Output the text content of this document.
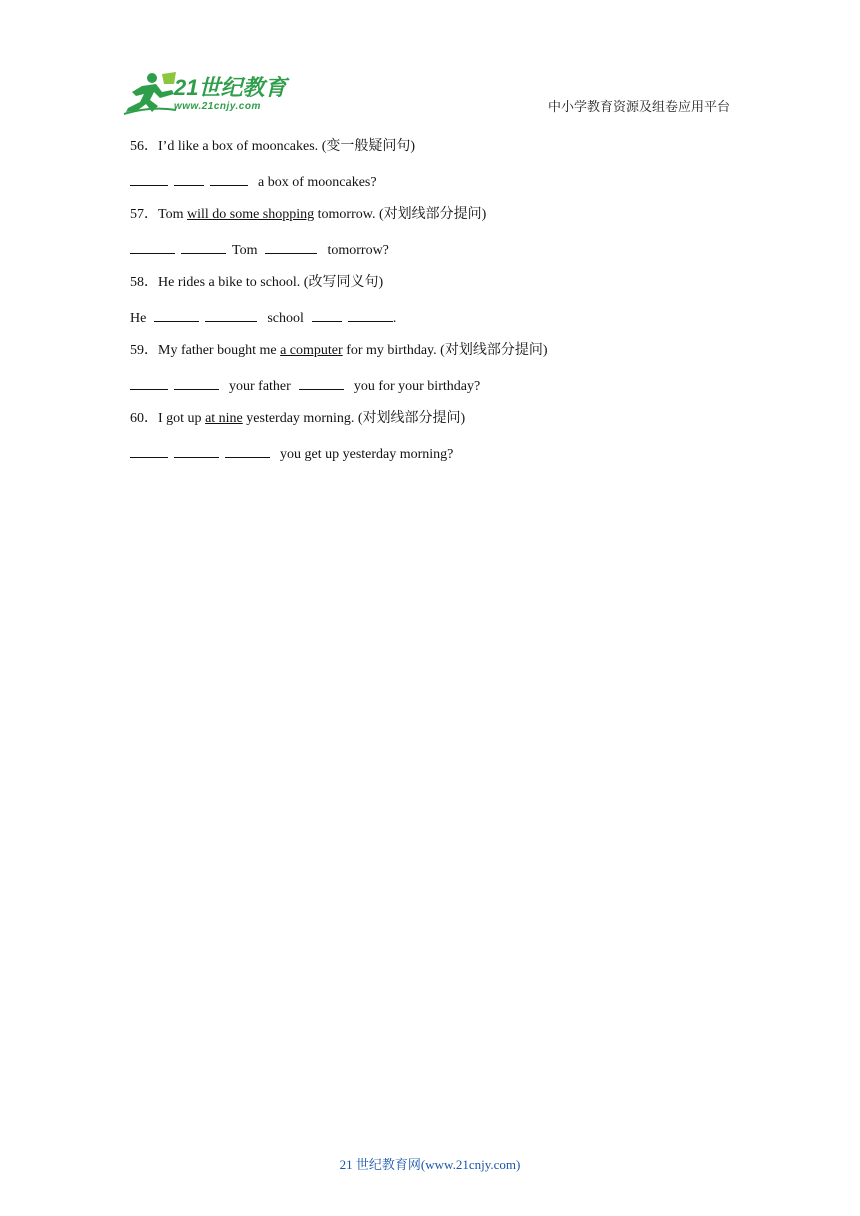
21世纪教育
www.21cnjy.com	中小学教育资源及组卷应用平台
56．I’d like a box of mooncakes. (变一般疑问句)
a box of mooncakes?
57．Tom will do some shopping tomorrow. (对划线部分提问)
Tom	tomorrow?
58．He rides a bike to school. (改写同义句)
He	school	.
59．My father bought me a computer for my birthday. (对划线部分提问)
your father	you for your birthday?
60．I got up at nine yesterday morning. (对划线部分提问)
you get up yesterday morning?
21 世纪教育网(www.21cnjy.com)
